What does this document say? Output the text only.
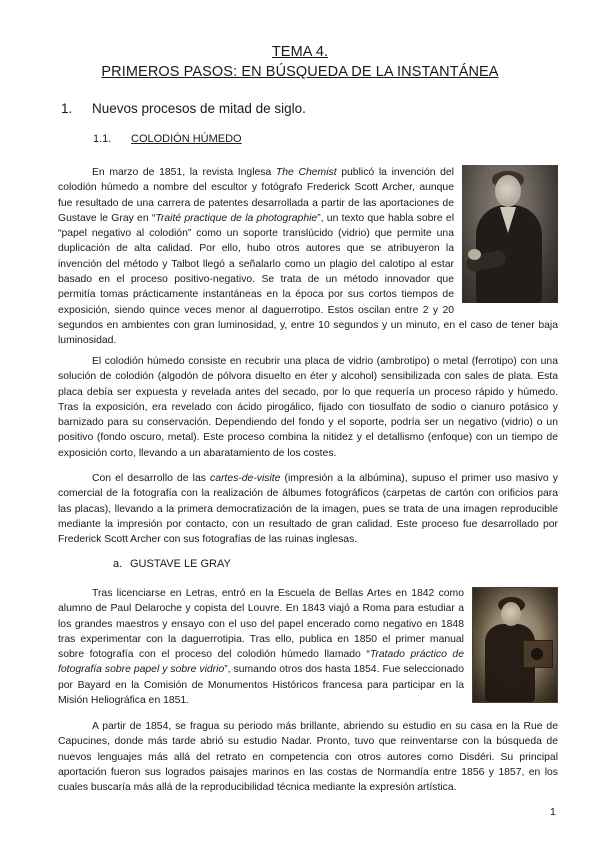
TEMA 4.
PRIMEROS PASOS: EN BÚSQUEDA DE LA INSTANTÁNEA
1. Nuevos procesos de mitad de siglo.
1.1. COLODIÓN HÚMEDO

En marzo de 1851, la revista Inglesa The Chemist publicó la invención del colodión húmedo a nombre del escultor y fotógrafo Frederick Scott Archer, aunque fue resultado de una carrera de patentes desarrollada a partir de las aportaciones de Gustave le Gray en “Traité practique de la photographie”, un texto que habla sobre el “papel negativo al colodión” como un soporte translúcido (vidrio) que permite una duplicación de alta calidad. Por ello, hubo otros autores que se atribuyeron la invención del método y Talbot llegó a señalarlo como un plagio del calotipo al estar basado en el proceso positivo-negativo. Se trata de un método innovador que permitía tomas prácticamente instantáneas en la época por sus cortos tiempos de exposición, siendo quince veces menor al daguerrotipo. Estos oscilan entre 2 y 20 segundos en ambientes con gran luminosidad, y, entre 10 segundos y un minuto, en el caso de tener baja luminosidad.

El colodión húmedo consiste en recubrir una placa de vidrio (ambrotipo) o metal (ferrotipo) con una solución de colodión (algodón de pólvora disuelto en éter y alcohol) sensibilizada con sales de plata. Esta placa debía ser expuesta y revelada antes del secado, por lo que requería un proceso rápido y húmedo. Tras la exposición, era revelado con ácido pirogálico, fijado con tiosulfato de sodio o cianuro potásico y barnizado para su conservación. Dependiendo del fondo y el soporte, podría ser un negativo (vidrio) o un positivo (fondo oscuro, metal). Este proceso combina la nitidez y el detallismo (enfoque) con un tiempo de exposición corto, llevando a un abaratamiento de los costes.

Con el desarrollo de las cartes-de-visite (impresión a la albúmina), supuso el primer uso masivo y comercial de la fotografía con la realización de álbumes fotográficos (carpetas de cartón con orificios para las placas), llevando a la primera democratización de la imagen, pues se trata de una imagen reproducible mediante la impresión por contacto, con un resultado de gran calidad. Este proceso fue desarrollado por Frederick Scott Archer con sus fotografías de las ruinas inglesas.

a. GUSTAVE LE GRAY

Tras licenciarse en Letras, entró en la Escuela de Bellas Artes en 1842 como alumno de Paul Delaroche y copista del Louvre. En 1843 viajó a Roma para estudiar a los grandes maestros y ensayo con el uso del papel encerado como negativo en 1848 tras experimentar con la daguerrotipia. Tras ello, publica en 1850 el primer manual sobre fotografía con el proceso del colodión húmedo llamado “Tratado práctico de fotografía sobre papel y sobre vidrio”, sumando otros dos hasta 1854. Fue seleccionado por Bayard en la Comisión de Monumentos Históricos francesa para participar en la Misión Heliográfica en 1851.

A partir de 1854, se fragua su periodo más brillante, abriendo su estudio en su casa en la Rue de Capucines, donde más tarde abrió su estudio Nadar. Pronto, tuvo que reinventarse con la búsqueda de nuevos lenguajes más allá del retrato en competencia con otros autores como Disdéri. Su principal aportación fueron sus logrados paisajes marinos en las costas de Normandía entre 1856 y 1857, en los cuales buscaría más allá de la reproducibilidad técnica mediante la expresión artística.

1
